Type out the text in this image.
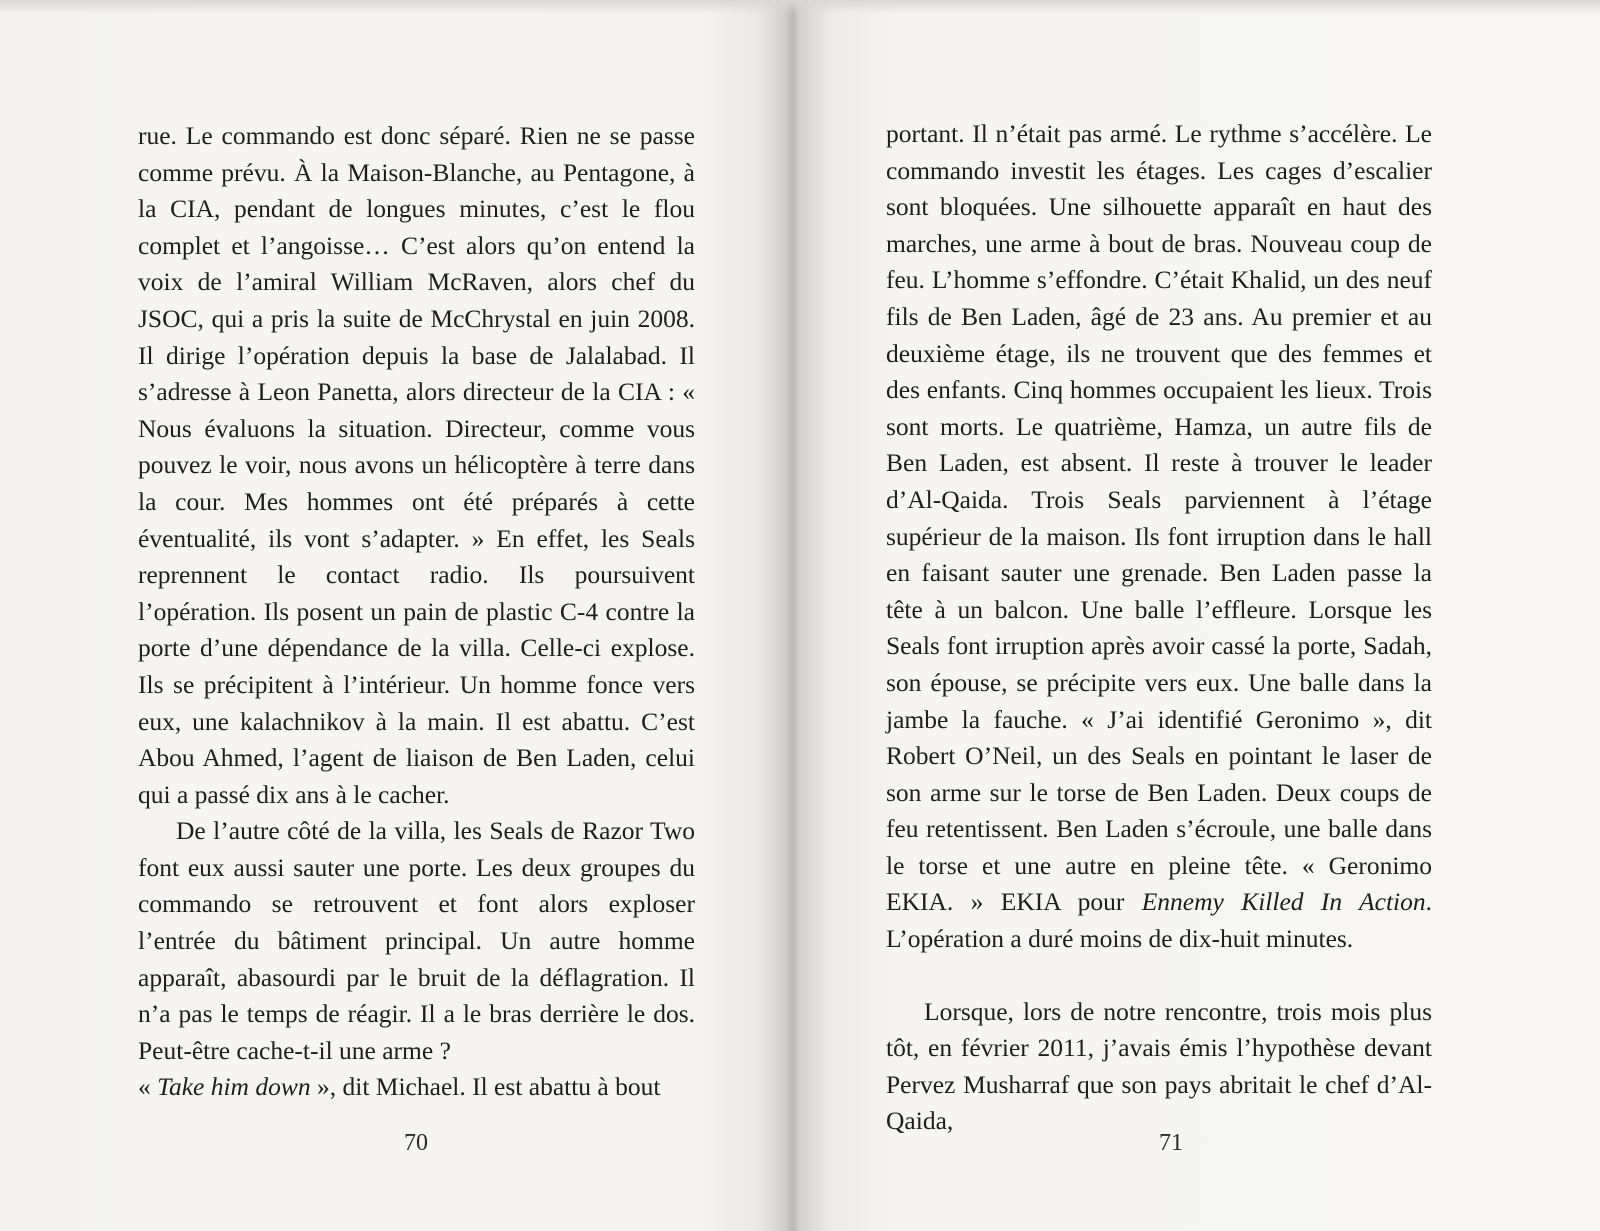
rue. Le commando est donc séparé. Rien ne se passe comme prévu. À la Maison-Blanche, au Pentagone, à la CIA, pendant de longues minutes, c’est le flou complet et l’angoisse… C’est alors qu’on entend la voix de l’amiral William McRaven, alors chef du JSOC, qui a pris la suite de McChrystal en juin 2008. Il dirige l’opération depuis la base de Jalalabad. Il s’adresse à Leon Panetta, alors directeur de la CIA : « Nous évaluons la situation. Directeur, comme vous pouvez le voir, nous avons un hélicoptère à terre dans la cour. Mes hommes ont été préparés à cette éventualité, ils vont s’adapter. » En effet, les Seals reprennent le contact radio. Ils poursuivent l’opération. Ils posent un pain de plastic C-4 contre la porte d’une dépendance de la villa. Celle-ci explose. Ils se précipitent à l’intérieur. Un homme fonce vers eux, une kalachnikov à la main. Il est abattu. C’est Abou Ahmed, l’agent de liaison de Ben Laden, celui qui a passé dix ans à le cacher.

De l’autre côté de la villa, les Seals de Razor Two font eux aussi sauter une porte. Les deux groupes du commando se retrouvent et font alors exploser l’entrée du bâtiment principal. Un autre homme apparaît, abasourdi par le bruit de la déflagration. Il n’a pas le temps de réagir. Il a le bras derrière le dos. Peut-être cache-t-il une arme ?

« Take him down », dit Michael. Il est abattu à bout

70

portant. Il n’était pas armé. Le rythme s’accélère. Le commando investit les étages. Les cages d’escalier sont bloquées. Une silhouette apparaît en haut des marches, une arme à bout de bras. Nouveau coup de feu. L’homme s’effondre. C’était Khalid, un des neuf fils de Ben Laden, âgé de 23 ans. Au premier et au deuxième étage, ils ne trouvent que des femmes et des enfants. Cinq hommes occupaient les lieux. Trois sont morts. Le quatrième, Hamza, un autre fils de Ben Laden, est absent. Il reste à trouver le leader d’Al-Qaida. Trois Seals parviennent à l’étage supérieur de la maison. Ils font irruption dans le hall en faisant sauter une grenade. Ben Laden passe la tête à un balcon. Une balle l’effleure. Lorsque les Seals font irruption après avoir cassé la porte, Sadah, son épouse, se précipite vers eux. Une balle dans la jambe la fauche. « J’ai identifié Geronimo », dit Robert O’Neil, un des Seals en pointant le laser de son arme sur le torse de Ben Laden. Deux coups de feu retentissent. Ben Laden s’écroule, une balle dans le torse et une autre en pleine tête. « Geronimo EKIA. » EKIA pour Ennemy Killed In Action. L’opération a duré moins de dix-huit minutes.

Lorsque, lors de notre rencontre, trois mois plus tôt, en février 2011, j’avais émis l’hypothèse devant Pervez Musharraf que son pays abritait le chef d’Al-Qaida,

71
